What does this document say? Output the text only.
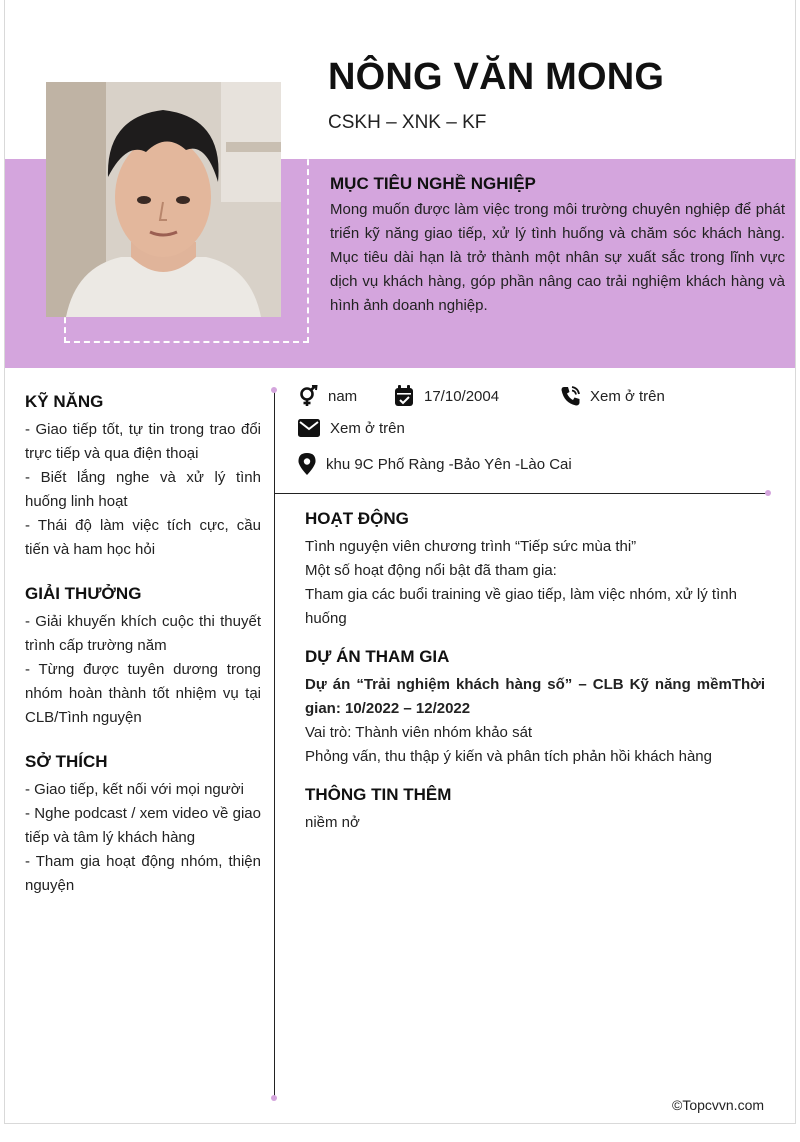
NÔNG VĂN MONG
CSKH – XNK – KF
MỤC TIÊU NGHỀ NGHIỆP

Mong muốn được làm việc trong môi trường chuyên nghiệp để phát triển kỹ năng giao tiếp, xử lý tình huống và chăm sóc khách hàng. Mục tiêu dài hạn là trở thành một nhân sự xuất sắc trong lĩnh vực dịch vụ khách hàng, góp phần nâng cao trải nghiệm khách hàng và hình ảnh doanh nghiệp.

KỸ NĂNG

- Giao tiếp tốt, tự tin trong trao đổi trực tiếp và qua điện thoại

- Biết lắng nghe và xử lý tình huống linh hoạt

- Thái độ làm việc tích cực, cầu tiến và ham học hỏi

GIẢI THƯỞNG

- Giải khuyến khích cuộc thi thuyết trình cấp trường năm

- Từng được tuyên dương trong nhóm hoàn thành tốt nhiệm vụ tại CLB/Tình nguyện

SỞ THÍCH

- Giao tiếp, kết nối với mọi người

- Nghe podcast / xem video về giao tiếp và tâm lý khách hàng

- Tham gia hoạt động nhóm, thiện nguyện

nam	17/10/2004	Xem ở trên
Xem ở trên
khu 9C Phố Ràng -Bảo Yên -Lào Cai
HOẠT ĐỘNG

Tình nguyện viên chương trình “Tiếp sức mùa thi”

Một số hoạt động nổi bật đã tham gia:

Tham gia các buổi training về giao tiếp, làm việc nhóm, xử lý tình huống

DỰ ÁN THAM GIA

Dự án “Trải nghiệm khách hàng số” – CLB Kỹ năng mềmThời gian: 10/2022 – 12/2022

Vai trò: Thành viên nhóm khảo sát

Phỏng vấn, thu thập ý kiến và phân tích phản hồi khách hàng

THÔNG TIN THÊM

niềm nở

©Topcvvn.com
